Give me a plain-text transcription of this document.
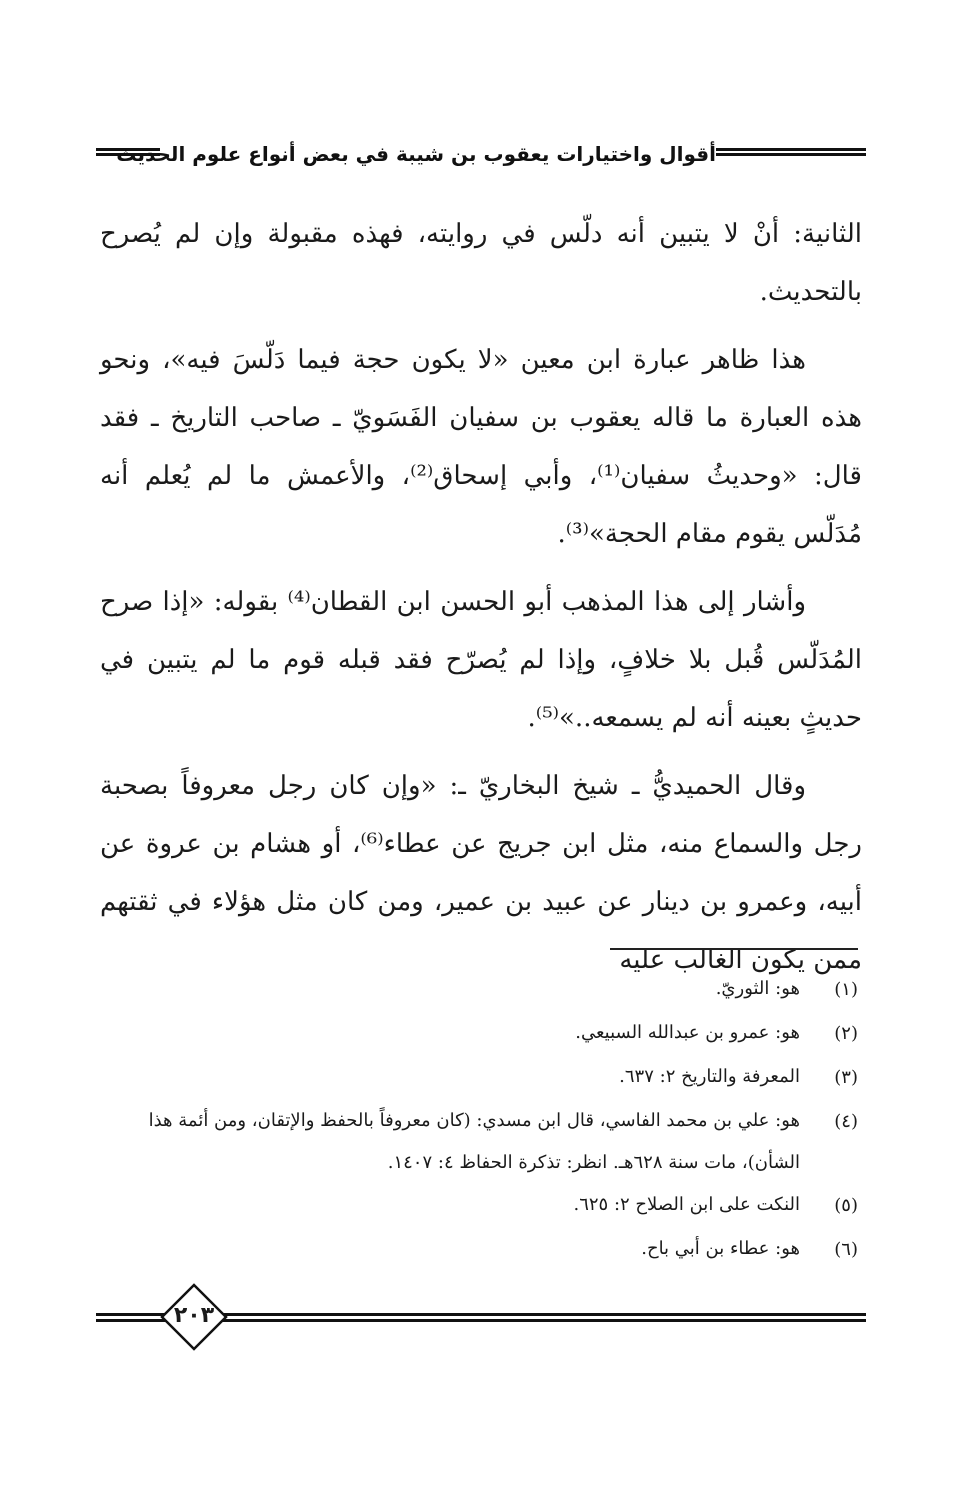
أقوال واختيارات يعقوب بن شيبة في بعض أنواع علوم الحديث

الثانية: أنْ لا يتبين أنه دلّس في روايته، فهذه مقبولة وإن لم يُصرح بالتحديث.

هذا ظاهر عبارة ابن معين «لا يكون حجة فيما دَلّسَ فيه»، ونحو هذه العبارة ما قاله يعقوب بن سفيان الفَسَويّ ـ صاحب التاريخ ـ فقد قال: «وحديثُ سفيان⁽¹⁾، وأبي إسحاق⁽²⁾، والأعمش ما لم يُعلم أنه مُدَلّس يقوم مقام الحجة»⁽³⁾.

وأشار إلى هذا المذهب أبو الحسن ابن القطان⁽⁴⁾ بقوله: «إذا صرح المُدَلّس قُبل بلا خلافٍ، وإذا لم يُصرّح فقد قبله قوم ما لم يتبين في حديثٍ بعينه أنه لم يسمعه..»⁽⁵⁾.

وقال الحميديُّ ـ شيخ البخاريّ ـ: «وإن كان رجل معروفاً بصحبة رجل والسماع منه، مثل ابن جريج عن عطاء⁽⁶⁾، أو هشام بن عروة عن أبيه، وعمرو بن دينار عن عبيد بن عمير، ومن كان مثل هؤلاء في ثقتهم ممن يكون الغالب عليه

(١)
هو: الثوريّ.
(٢)
هو: عمرو بن عبدالله السبيعي.
(٣)
المعرفة والتاريخ ٢: ٦٣٧.
(٤)
هو: علي بن محمد الفاسي، قال ابن مسدي: (كان معروفاً بالحفظ والإتقان، ومن أئمة هذا الشأن)، مات سنة ٦٢٨هـ. انظر: تذكرة الحفاظ ٤: ١٤٠٧.
(٥)
النكت على ابن الصلاح ٢: ٦٢٥.
(٦)
هو: عطاء بن أبي باح.
٢٠٣
